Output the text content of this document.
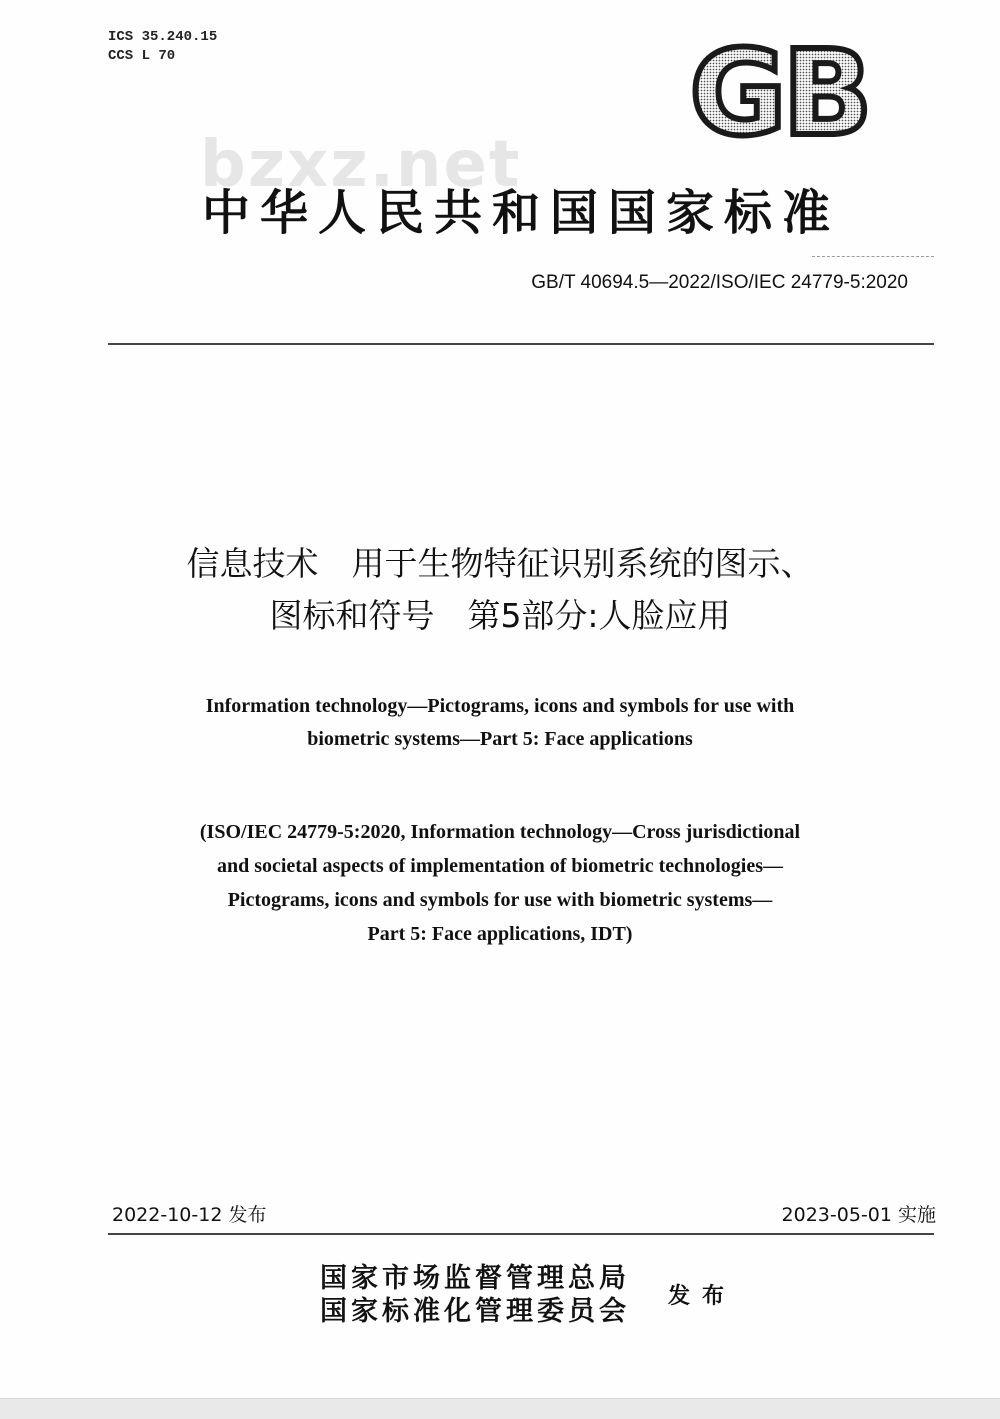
ICS 35.240.15
CCS L 70	GB
bzxz.net
中华人民共和国国家标准
GB/T 40694.5—2022/ISO/IEC 24779-5:2020
信息技术　用于生物特征识别系统的图示、
图标和符号　第5部分:人脸应用
Information technology—Pictograms, icons and symbols for use with
biometric systems—Part 5: Face applications
(ISO/IEC 24779-5:2020, Information technology—Cross jurisdictional
and societal aspects of implementation of biometric technologies—
Pictograms, icons and symbols for use with biometric systems—
Part 5: Face applications, IDT)
2022-10-12 发布	2023-05-01 实施
国家市场监督管理总局
国家标准化管理委员会 发布
